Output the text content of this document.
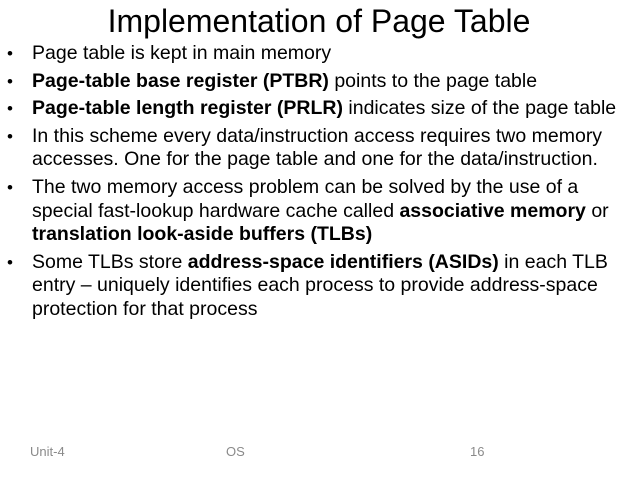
Implementation of Page Table
• Page table is kept in main memory
• Page-table base register (PTBR) points to the page table
• Page-table length register (PRLR) indicates size of the page table
• In this scheme every data/instruction access requires two memory accesses. One for the page table and one for the data/instruction.
• The two memory access problem can be solved by the use of a special fast-lookup hardware cache called associative memory or translation look-aside buffers (TLBs)
• Some TLBs store address-space identifiers (ASIDs) in each TLB entry – uniquely identifies each process to provide address-space protection for that process
Unit-4	OS	16
